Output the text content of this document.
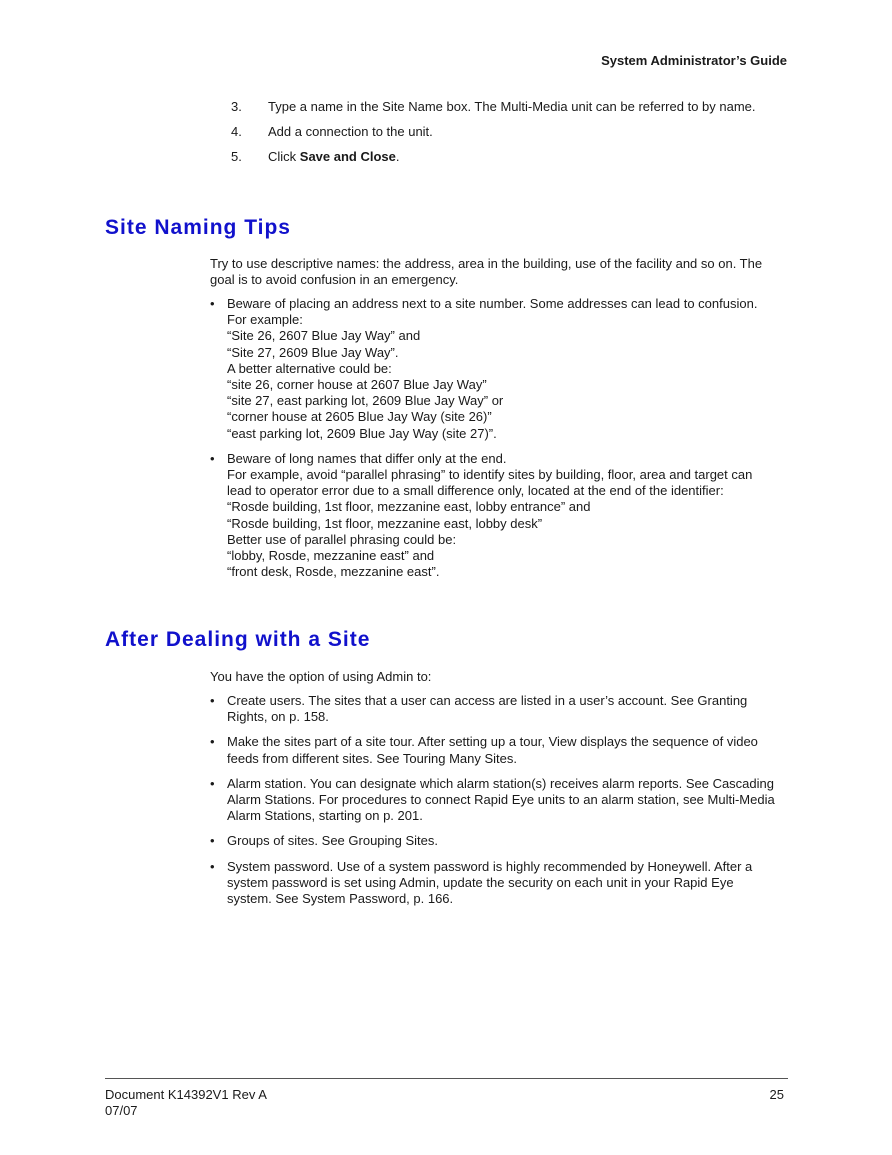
System Administrator’s Guide
3.	Type a name in the Site Name box. The Multi-Media unit can be referred to by name.
4.	Add a connection to the unit.
5.	Click Save and Close.
Site Naming Tips

Try to use descriptive names: the address, area in the building, use of the facility and so on. The goal is to avoid confusion in an emergency.

• Beware of placing an address next to a site number. Some addresses can lead to confusion.
For example:
“Site 26, 2607 Blue Jay Way” and
“Site 27, 2609 Blue Jay Way”.
A better alternative could be:
“site 26, corner house at 2607 Blue Jay Way”
“site 27, east parking lot, 2609 Blue Jay Way” or
“corner house at 2605 Blue Jay Way (site 26)”
“east parking lot, 2609 Blue Jay Way (site 27)”.
• Beware of long names that differ only at the end.
For example, avoid “parallel phrasing” to identify sites by building, floor, area and target can
lead to operator error due to a small difference only, located at the end of the identifier:
“Rosde building, 1st floor, mezzanine east, lobby entrance” and
“Rosde building, 1st floor, mezzanine east, lobby desk”
Better use of parallel phrasing could be:
“lobby, Rosde, mezzanine east” and
“front desk, Rosde, mezzanine east”.
After Dealing with a Site

You have the option of using Admin to:

• Create users. The sites that a user can access are listed in a user’s account. See Granting
Rights, on p. 158.
• Make the sites part of a site tour. After setting up a tour, View displays the sequence of video
feeds from different sites. See Touring Many Sites.
• Alarm station. You can designate which alarm station(s) receives alarm reports. See Cascading
Alarm Stations. For procedures to connect Rapid Eye units to an alarm station, see Multi-Media
Alarm Stations, starting on p. 201.
• Groups of sites. See Grouping Sites.
• System password. Use of a system password is highly recommended by Honeywell. After a
system password is set using Admin, update the security on each unit in your Rapid Eye
system. See System Password, p. 166.
Document K14392V1 Rev A
07/07
25
